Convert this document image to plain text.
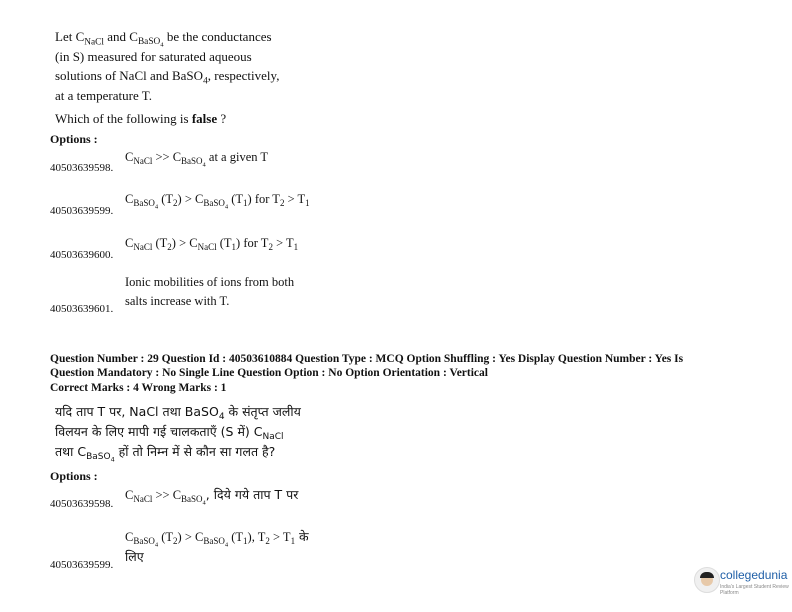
Let $C_{NaCl}$ and $C_{BaSO_4}$ be the conductances
(in S) measured for saturated aqueous
solutions of NaCl and BaSO$_4$, respectively,
at a temperature T.
Which of the following is false ?
Options :
40503639598.
$C_{NaCl} >> C_{BaSO_4}$ at a given T
40503639599.
$C_{BaSO_4}$ $(T_2) > C_{BaSO_4}$ $(T_1)$ for $T_2 > T_1$
40503639600.
$C_{NaCl}$ $(T_2) > C_{NaCl}$ $(T_1)$ for $T_2 > T_1$
40503639601.
Ionic mobilities of ions from both
salts increase with T.
Question Number : 29 Question Id : 40503610884 Question Type : MCQ Option Shuffling : Yes Display Question Number : Yes Is
Question Mandatory : No Single Line Question Option : No Option Orientation : Vertical
Correct Marks : 4 Wrong Marks : 1
यदि ताप T पर, NaCl तथा BaSO$_4$ के संतृप्त जलीय
विलयन के लिए मापी गई चालकताएँ (S में) $C_{NaCl}$
तथा $C_{BaSO_4}$ हों तो निम्न में से कौन सा गलत है?
Options :
40503639598.
$C_{NaCl} >> C_{BaSO_4}$, दिये गये ताप T पर
40503639599.
$C_{BaSO_4}$ $(T_2) > C_{BaSO_4}$ $(T_1)$, $T_2 > T_1$ के
लिए
collegedunia
India's Largest Student Review Platform
